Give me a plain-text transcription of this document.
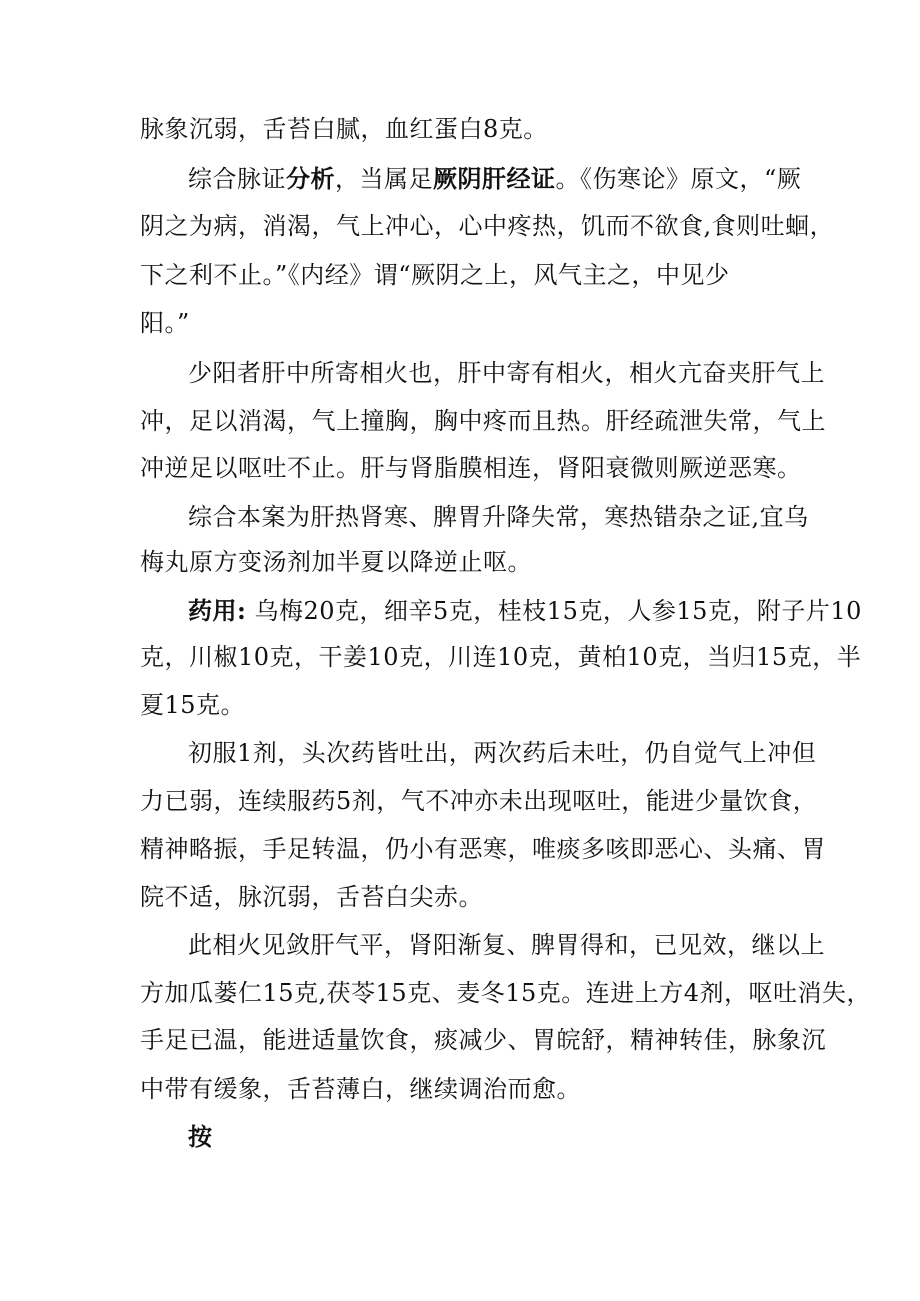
脉象沉弱，舌苔白腻，血红蛋白8克。
综合脉证分析，当属足厥阴肝经证。《伤寒论》原文，“厥
阴之为病，消渴，气上冲心，心中疼热，饥而不欲食,食则吐蛔，
下之利不止。”《内经》谓“厥阴之上，风气主之，中见少
阳。”
少阳者肝中所寄相火也，肝中寄有相火，相火亢奋夹肝气上
冲，足以消渴，气上撞胸，胸中疼而且热。肝经疏泄失常，气上
冲逆足以呕吐不止。肝与肾脂膜相连，肾阳衰微则厥逆恶寒。
综合本案为肝热肾寒、脾胃升降失常，寒热错杂之证,宜乌
梅丸原方变汤剂加半夏以降逆止呕。
药用: 乌梅20克，细辛5克，桂枝15克，人参15克，附子片10
克，川椒10克，干姜10克，川连10克，黄柏10克，当归15克，半
夏15克。
初服1剂，头次药皆吐出，两次药后未吐，仍自觉气上冲但
力已弱，连续服药5剂，气不冲亦未出现呕吐，能进少量饮食，
精神略振，手足转温，仍小有恶寒，唯痰多咳即恶心、头痛、胃
院不适，脉沉弱，舌苔白尖赤。
此相火见敛肝气平，肾阳渐复、脾胃得和，已见效，继以上
方加瓜蒌仁15克,茯苓15克、麦冬15克。连进上方4剂，呕吐消失，
手足已温，能进适量饮食，痰减少、胃皖舒，精神转佳，脉象沉
中带有缓象，舌苔薄白，继续调治而愈。
按
